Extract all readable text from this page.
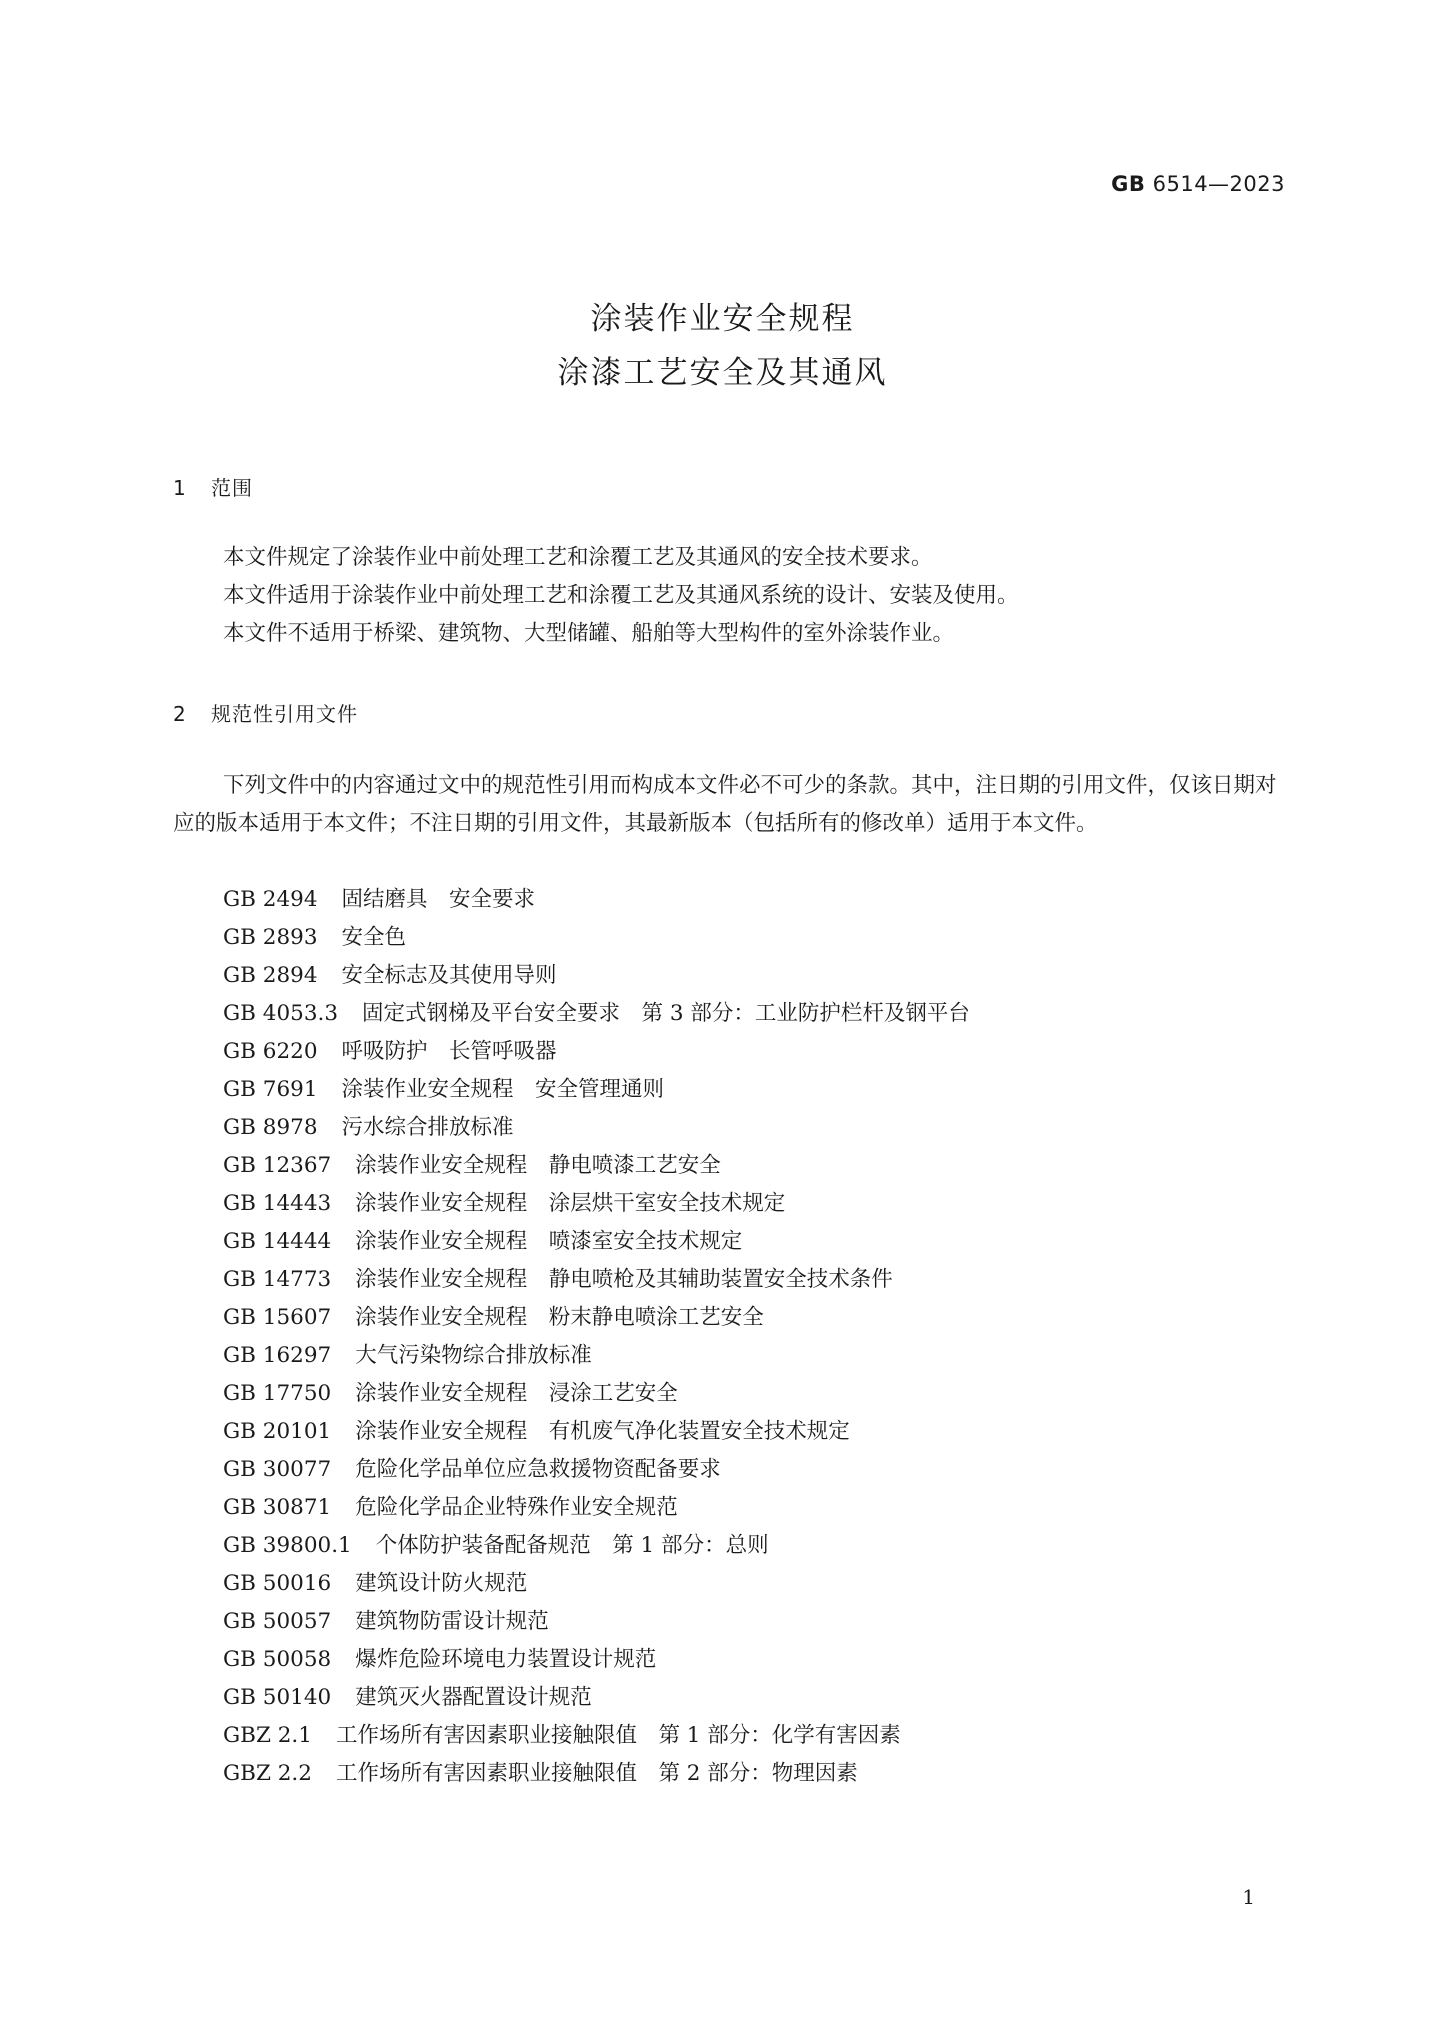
GB 6514—2023
涂装作业安全规程
涂漆工艺安全及其通风
1 范围

本文件规定了涂装作业中前处理工艺和涂覆工艺及其通风的安全技术要求。

本文件适用于涂装作业中前处理工艺和涂覆工艺及其通风系统的设计、安装及使用。

本文件不适用于桥梁、建筑物、大型储罐、船舶等大型构件的室外涂装作业。

2 规范性引用文件

下列文件中的内容通过文中的规范性引用而构成本文件必不可少的条款。其中，注日期的引用文件，仅该日期对应的版本适用于本文件；不注日期的引用文件，其最新版本（包括所有的修改单）适用于本文件。

GB 2494 固结磨具　安全要求
GB 2893 安全色
GB 2894 安全标志及其使用导则
GB 4053.3 固定式钢梯及平台安全要求　第 3 部分：工业防护栏杆及钢平台
GB 6220 呼吸防护　长管呼吸器
GB 7691 涂装作业安全规程　安全管理通则
GB 8978 污水综合排放标准
GB 12367 涂装作业安全规程　静电喷漆工艺安全
GB 14443 涂装作业安全规程　涂层烘干室安全技术规定
GB 14444 涂装作业安全规程　喷漆室安全技术规定
GB 14773 涂装作业安全规程　静电喷枪及其辅助装置安全技术条件
GB 15607 涂装作业安全规程　粉末静电喷涂工艺安全
GB 16297 大气污染物综合排放标准
GB 17750 涂装作业安全规程　浸涂工艺安全
GB 20101 涂装作业安全规程　有机废气净化装置安全技术规定
GB 30077 危险化学品单位应急救援物资配备要求
GB 30871 危险化学品企业特殊作业安全规范
GB 39800.1 个体防护装备配备规范　第 1 部分：总则
GB 50016 建筑设计防火规范
GB 50057 建筑物防雷设计规范
GB 50058 爆炸危险环境电力装置设计规范
GB 50140 建筑灭火器配置设计规范
GBZ 2.1 工作场所有害因素职业接触限值　第 1 部分：化学有害因素
GBZ 2.2 工作场所有害因素职业接触限值　第 2 部分：物理因素
1
